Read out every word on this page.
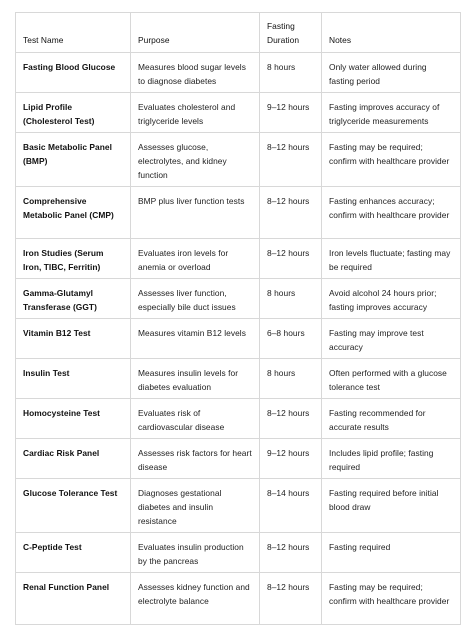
Test Name	Purpose	Fasting Duration	Notes
Fasting Blood Glucose	Measures blood sugar levels to diagnose diabetes	8 hours	Only water allowed during fasting period
Lipid Profile (Cholesterol Test)	Evaluates cholesterol and triglyceride levels	9–12 hours	Fasting improves accuracy of triglyceride measurements
Basic Metabolic Panel (BMP)	Assesses glucose, electrolytes, and kidney function	8–12 hours	Fasting may be required; confirm with healthcare provider
Comprehensive Metabolic Panel (CMP)	BMP plus liver function tests	8–12 hours	Fasting enhances accuracy; confirm with healthcare provider
Iron Studies (Serum Iron, TIBC, Ferritin)	Evaluates iron levels for anemia or overload	8–12 hours	Iron levels fluctuate; fasting may be required
Gamma-Glutamyl Transferase (GGT)	Assesses liver function, especially bile duct issues	8 hours	Avoid alcohol 24 hours prior; fasting improves accuracy
Vitamin B12 Test	Measures vitamin B12 levels	6–8 hours	Fasting may improve test accuracy
Insulin Test	Measures insulin levels for diabetes evaluation	8 hours	Often performed with a glucose tolerance test
Homocysteine Test	Evaluates risk of cardiovascular disease	8–12 hours	Fasting recommended for accurate results
Cardiac Risk Panel	Assesses risk factors for heart disease	9–12 hours	Includes lipid profile; fasting required
Glucose Tolerance Test	Diagnoses gestational diabetes and insulin resistance	8–14 hours	Fasting required before initial blood draw
C-Peptide Test	Evaluates insulin production by the pancreas	8–12 hours	Fasting required
Renal Function Panel	Assesses kidney function and electrolyte balance	8–12 hours	Fasting may be required; confirm with healthcare provider
